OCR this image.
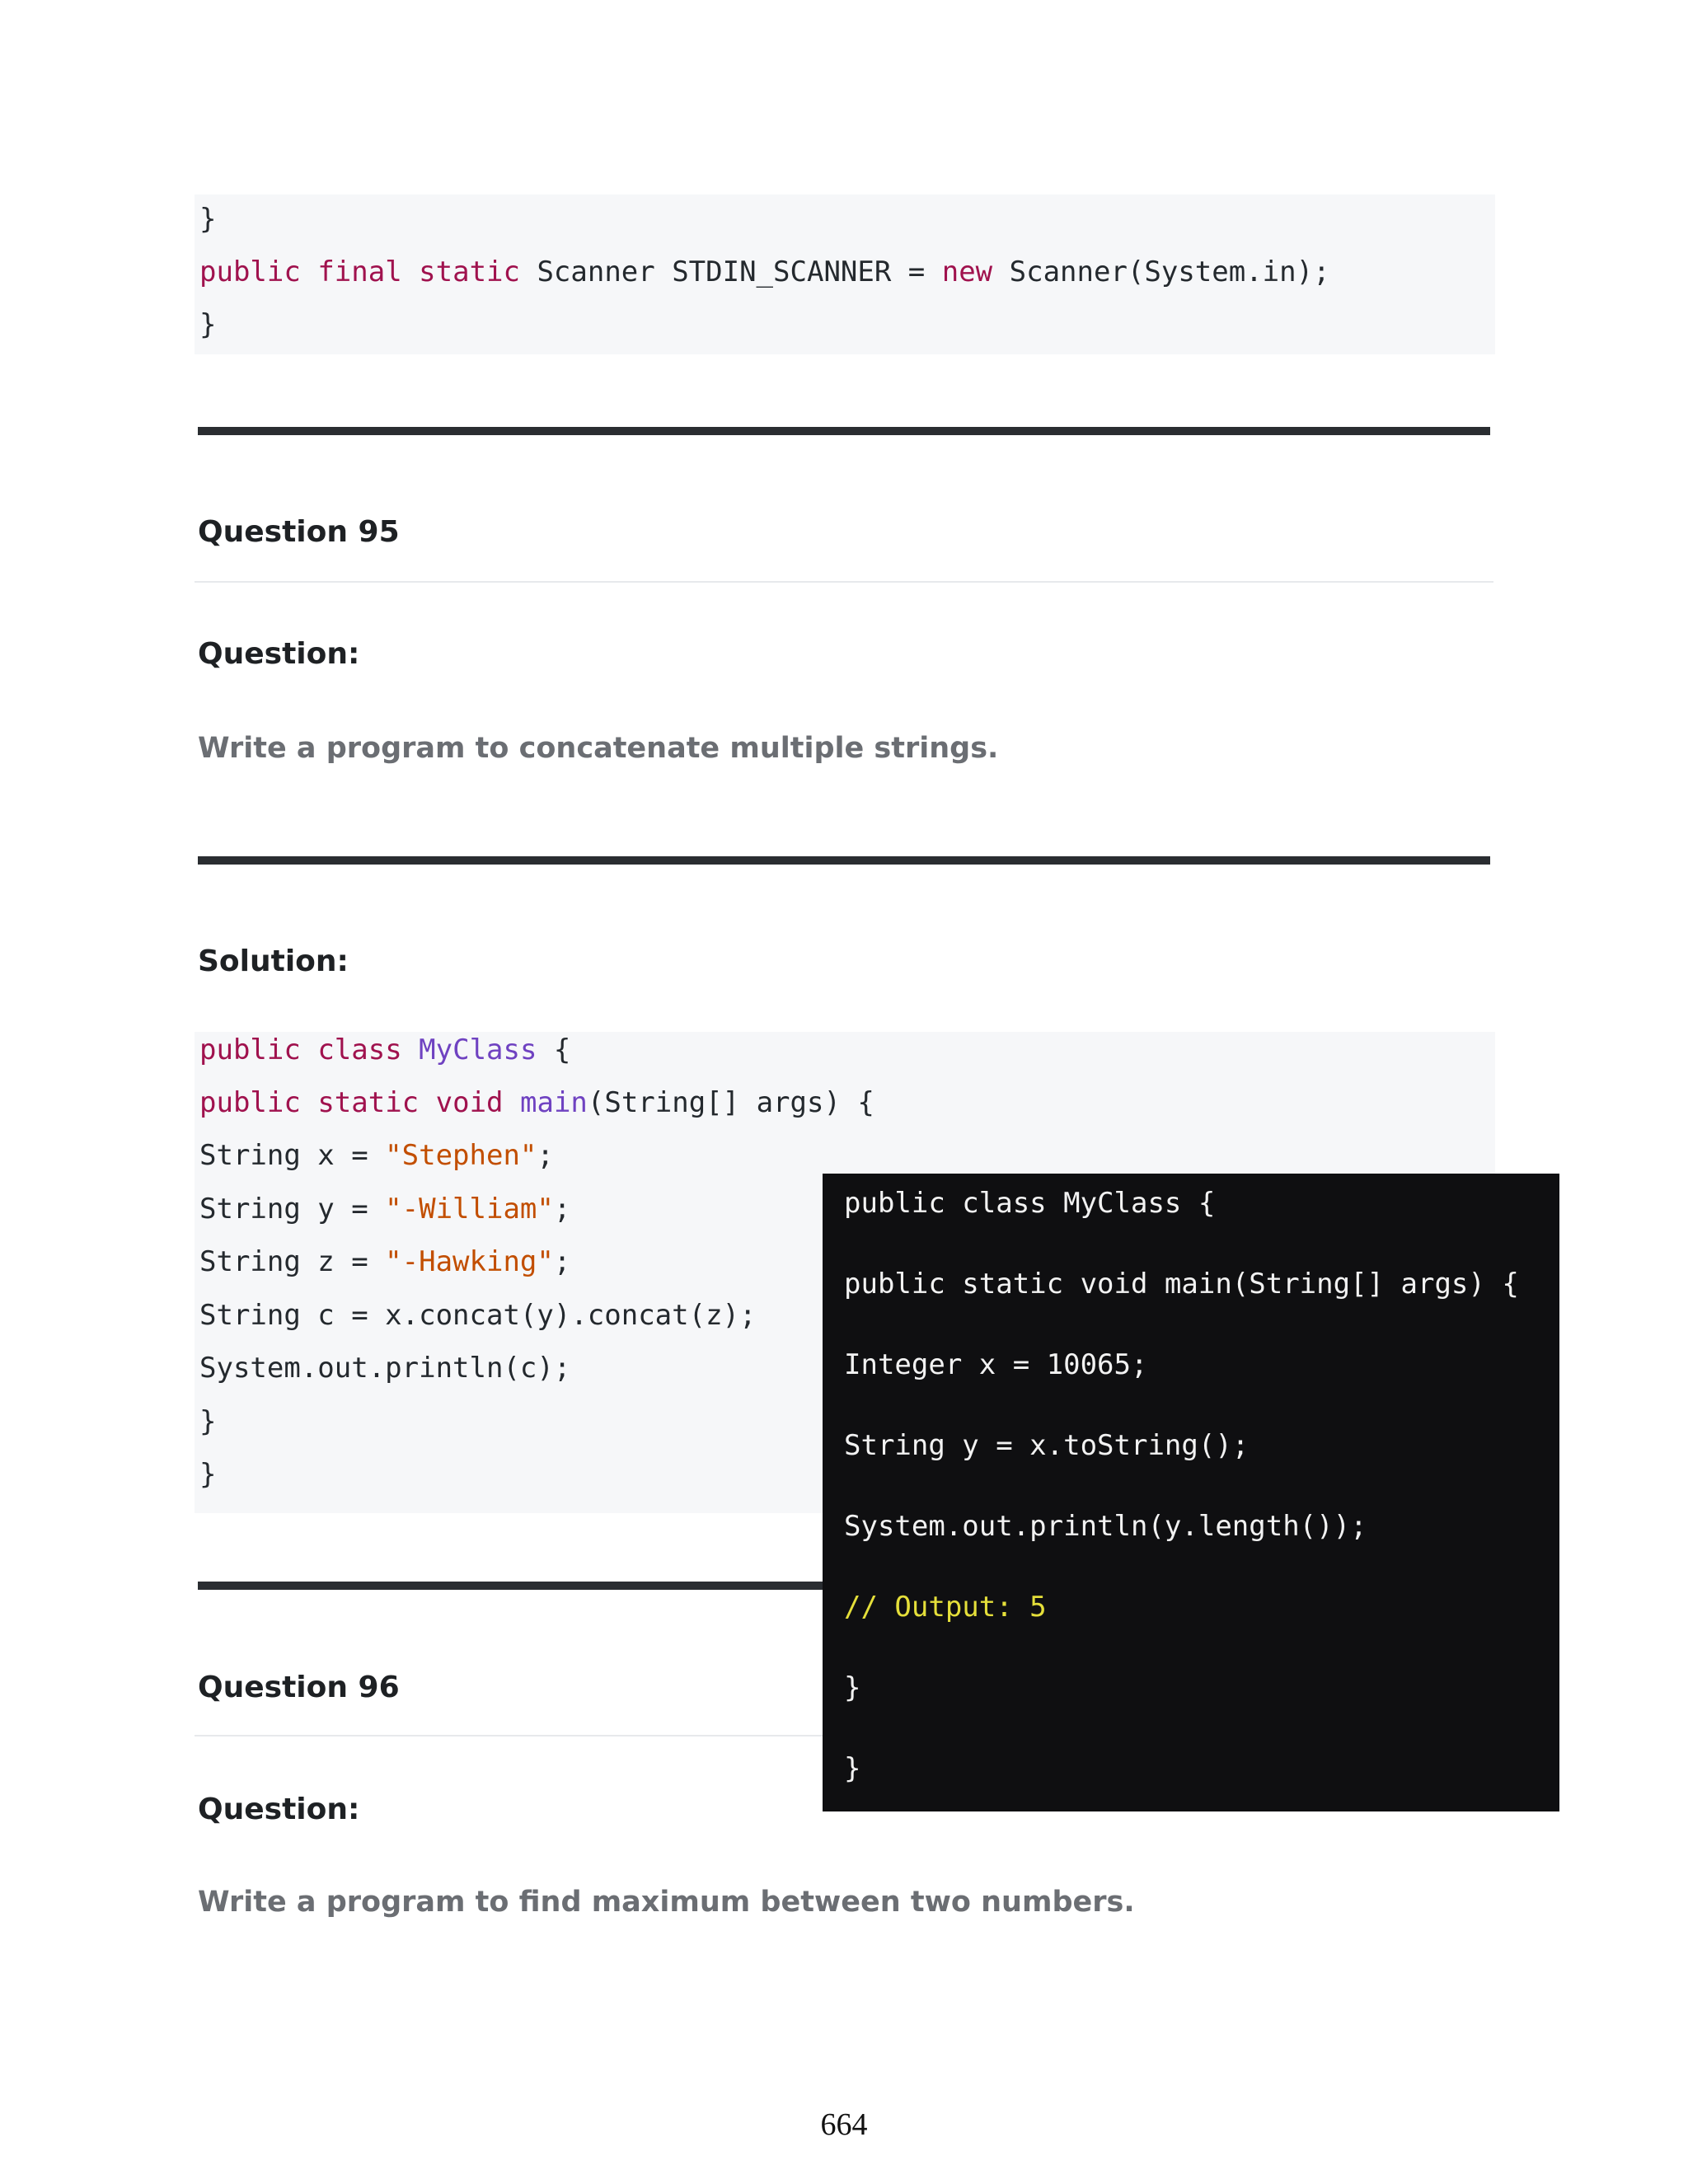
}
public final static Scanner STDIN_SCANNER = new Scanner(System.in);
}
Question 95
Question:
Write a program to concatenate multiple strings.
Solution:
public class MyClass {
public static void main(String[] args) {
String x = "Stephen";
String y = "-William";
String z = "-Hawking";
String c = x.concat(y).concat(z);
System.out.println(c);
}
}
Question 96
Question:
Write a program to find maximum between two numbers.
public class MyClass {
public static void main(String[] args) {
Integer x = 10065;
String y = x.toString();
System.out.println(y.length());
// Output: 5
}
}
664
